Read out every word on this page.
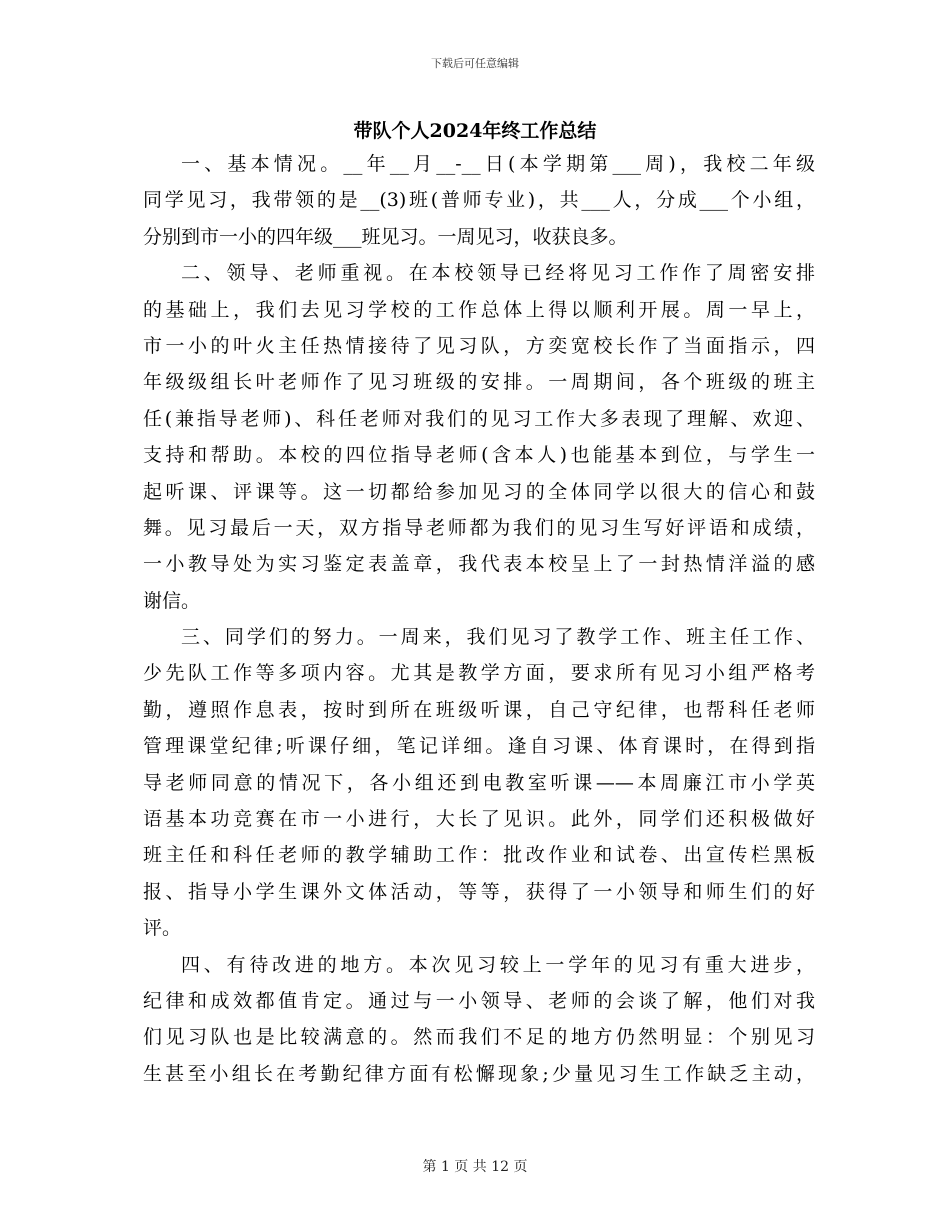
下载后可任意编辑
带队个人2024年终工作总结
一、基本情况。__年__月__-__日(本学期第___周)，我校二年级
同学见习，我带领的是__(3)班(普师专业)，共___人，分成___个小组，
分别到市一小的四年级___班见习。一周见习，收获良多。
二、领导、老师重视。在本校领导已经将见习工作作了周密安排
的基础上，我们去见习学校的工作总体上得以顺利开展。周一早上，
市一小的叶火主任热情接待了见习队，方奕宽校长作了当面指示，四
年级级组长叶老师作了见习班级的安排。一周期间，各个班级的班主
任(兼指导老师)、科任老师对我们的见习工作大多表现了理解、欢迎、
支持和帮助。本校的四位指导老师(含本人)也能基本到位，与学生一
起听课、评课等。这一切都给参加见习的全体同学以很大的信心和鼓
舞。见习最后一天，双方指导老师都为我们的见习生写好评语和成绩，
一小教导处为实习鉴定表盖章，我代表本校呈上了一封热情洋溢的感
谢信。
三、同学们的努力。一周来，我们见习了教学工作、班主任工作、
少先队工作等多项内容。尤其是教学方面，要求所有见习小组严格考
勤，遵照作息表，按时到所在班级听课，自己守纪律，也帮科任老师
管理课堂纪律;听课仔细，笔记详细。逢自习课、体育课时，在得到指
导老师同意的情况下，各小组还到电教室听课——本周廉江市小学英
语基本功竞赛在市一小进行，大长了见识。此外，同学们还积极做好
班主任和科任老师的教学辅助工作：批改作业和试卷、出宣传栏黑板
报、指导小学生课外文体活动，等等，获得了一小领导和师生们的好
评。
四、有待改进的地方。本次见习较上一学年的见习有重大进步，
纪律和成效都值肯定。通过与一小领导、老师的会谈了解，他们对我
们见习队也是比较满意的。然而我们不足的地方仍然明显：个别见习
生甚至小组长在考勤纪律方面有松懈现象;少量见习生工作缺乏主动，
第 1 页 共 12 页
